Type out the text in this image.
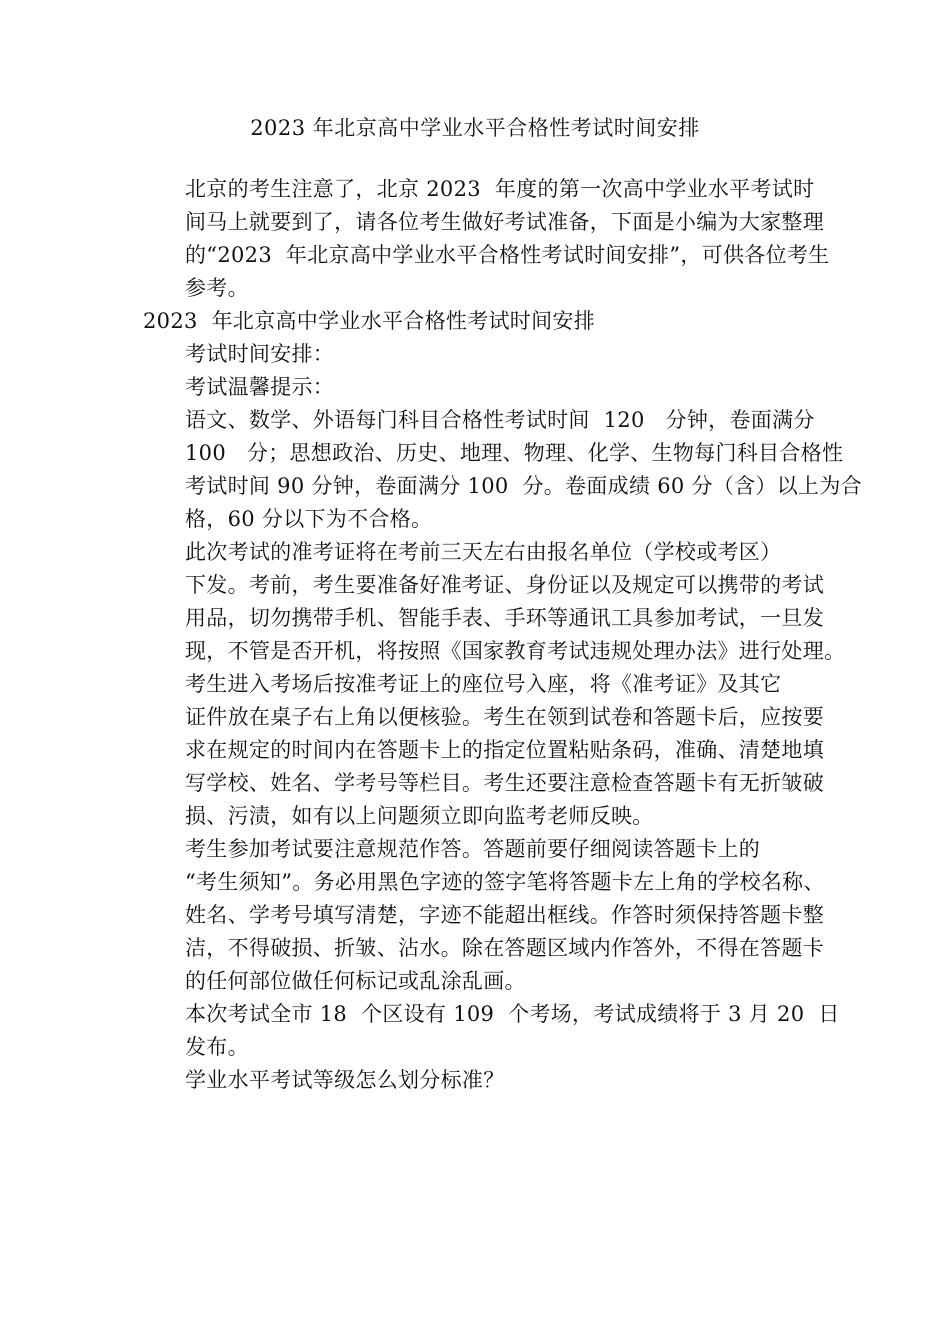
2023 年北京高中学业水平合格性考试时间安排

北京的考生注意了，北京 2023  年度的第一次高中学业水平考试时
间马上就要到了，请各位考生做好考试准备，下面是小编为大家整理
的“2023  年北京高中学业水平合格性考试时间安排”，可供各位考生
参考。

2023  年北京高中学业水平合格性考试时间安排

考试时间安排：

考试温馨提示：

语文、数学、外语每门科目合格性考试时间  120   分钟，卷面满分
100   分；思想政治、历史、地理、物理、化学、生物每门科目合格性
考试时间 90 分钟，卷面满分 100  分。卷面成绩 60 分（含）以上为合
格，60 分以下为不合格。

此次考试的准考证将在考前三天左右由报名单位（学校或考区）
下发。考前，考生要准备好准考证、身份证以及规定可以携带的考试
用品，切勿携带手机、智能手表、手环等通讯工具参加考试，一旦发
现，不管是否开机，将按照《国家教育考试违规处理办法》进行处理。

考生进入考场后按准考证上的座位号入座，将《准考证》及其它
证件放在桌子右上角以便核验。考生在领到试卷和答题卡后，应按要
求在规定的时间内在答题卡上的指定位置粘贴条码，准确、清楚地填
写学校、姓名、学考号等栏目。考生还要注意检查答题卡有无折皱破
损、污渍，如有以上问题须立即向监考老师反映。

考生参加考试要注意规范作答。答题前要仔细阅读答题卡上的
“考生须知”。务必用黑色字迹的签字笔将答题卡左上角的学校名称、
姓名、学考号填写清楚，字迹不能超出框线。作答时须保持答题卡整
洁，不得破损、折皱、沾水。除在答题区域内作答外，不得在答题卡
的任何部位做任何标记或乱涂乱画。

本次考试全市 18  个区设有 109  个考场，考试成绩将于 3 月 20  日
发布。

学业水平考试等级怎么划分标准？
